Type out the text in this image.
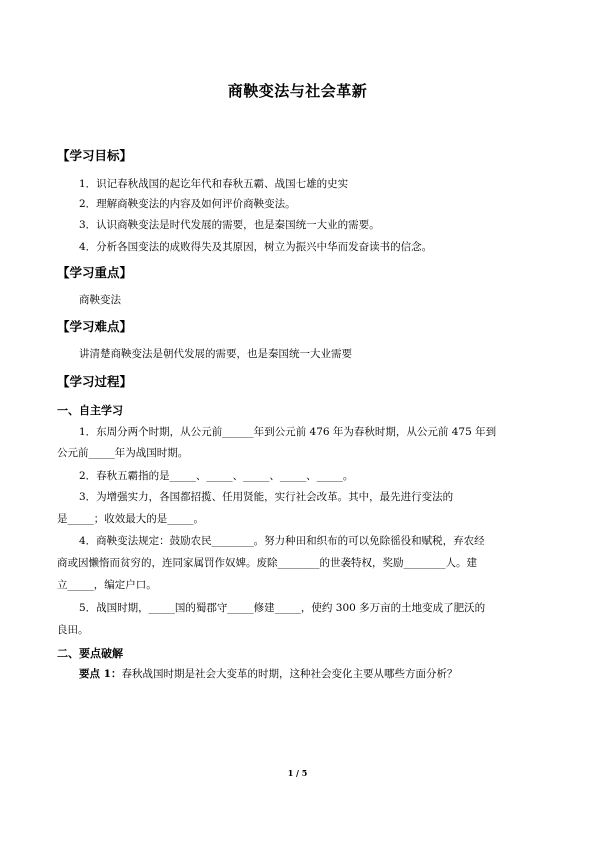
商鞅变法与社会革新
【学习目标】
1．识记春秋战国的起讫年代和春秋五霸、战国七雄的史实
2．理解商鞅变法的内容及如何评价商鞅变法。
3．认识商鞅变法是时代发展的需要，也是秦国统一大业的需要。
4．分析各国变法的成败得失及其原因，树立为振兴中华而发奋读书的信念。
【学习重点】
商鞅变法
【学习难点】
讲清楚商鞅变法是朝代发展的需要，也是秦国统一大业需要
【学习过程】
一、自主学习
1．东周分两个时期，从公元前______年到公元前 476 年为春秋时期，从公元前 475 年到
公元前_____年为战国时期。
2．春秋五霸指的是_____、_____、_____、_____、_____。
3．为增强实力，各国都招揽、任用贤能，实行社会改革。其中，最先进行变法的
是_____；收效最大的是_____。
4．商鞅变法规定：鼓励农民________。努力种田和织布的可以免除徭役和赋税，弃农经
商或因懒惰而贫穷的，连同家属罚作奴婢。废除________的世袭特权，奖励________人。建
立_____，编定户口。
5．战国时期，_____国的蜀郡守_____修建_____，使约 300 多万亩的土地变成了肥沃的
良田。
二、要点破解
要点 1：春秋战国时期是社会大变革的时期，这种社会变化主要从哪些方面分析？
1 / 5
